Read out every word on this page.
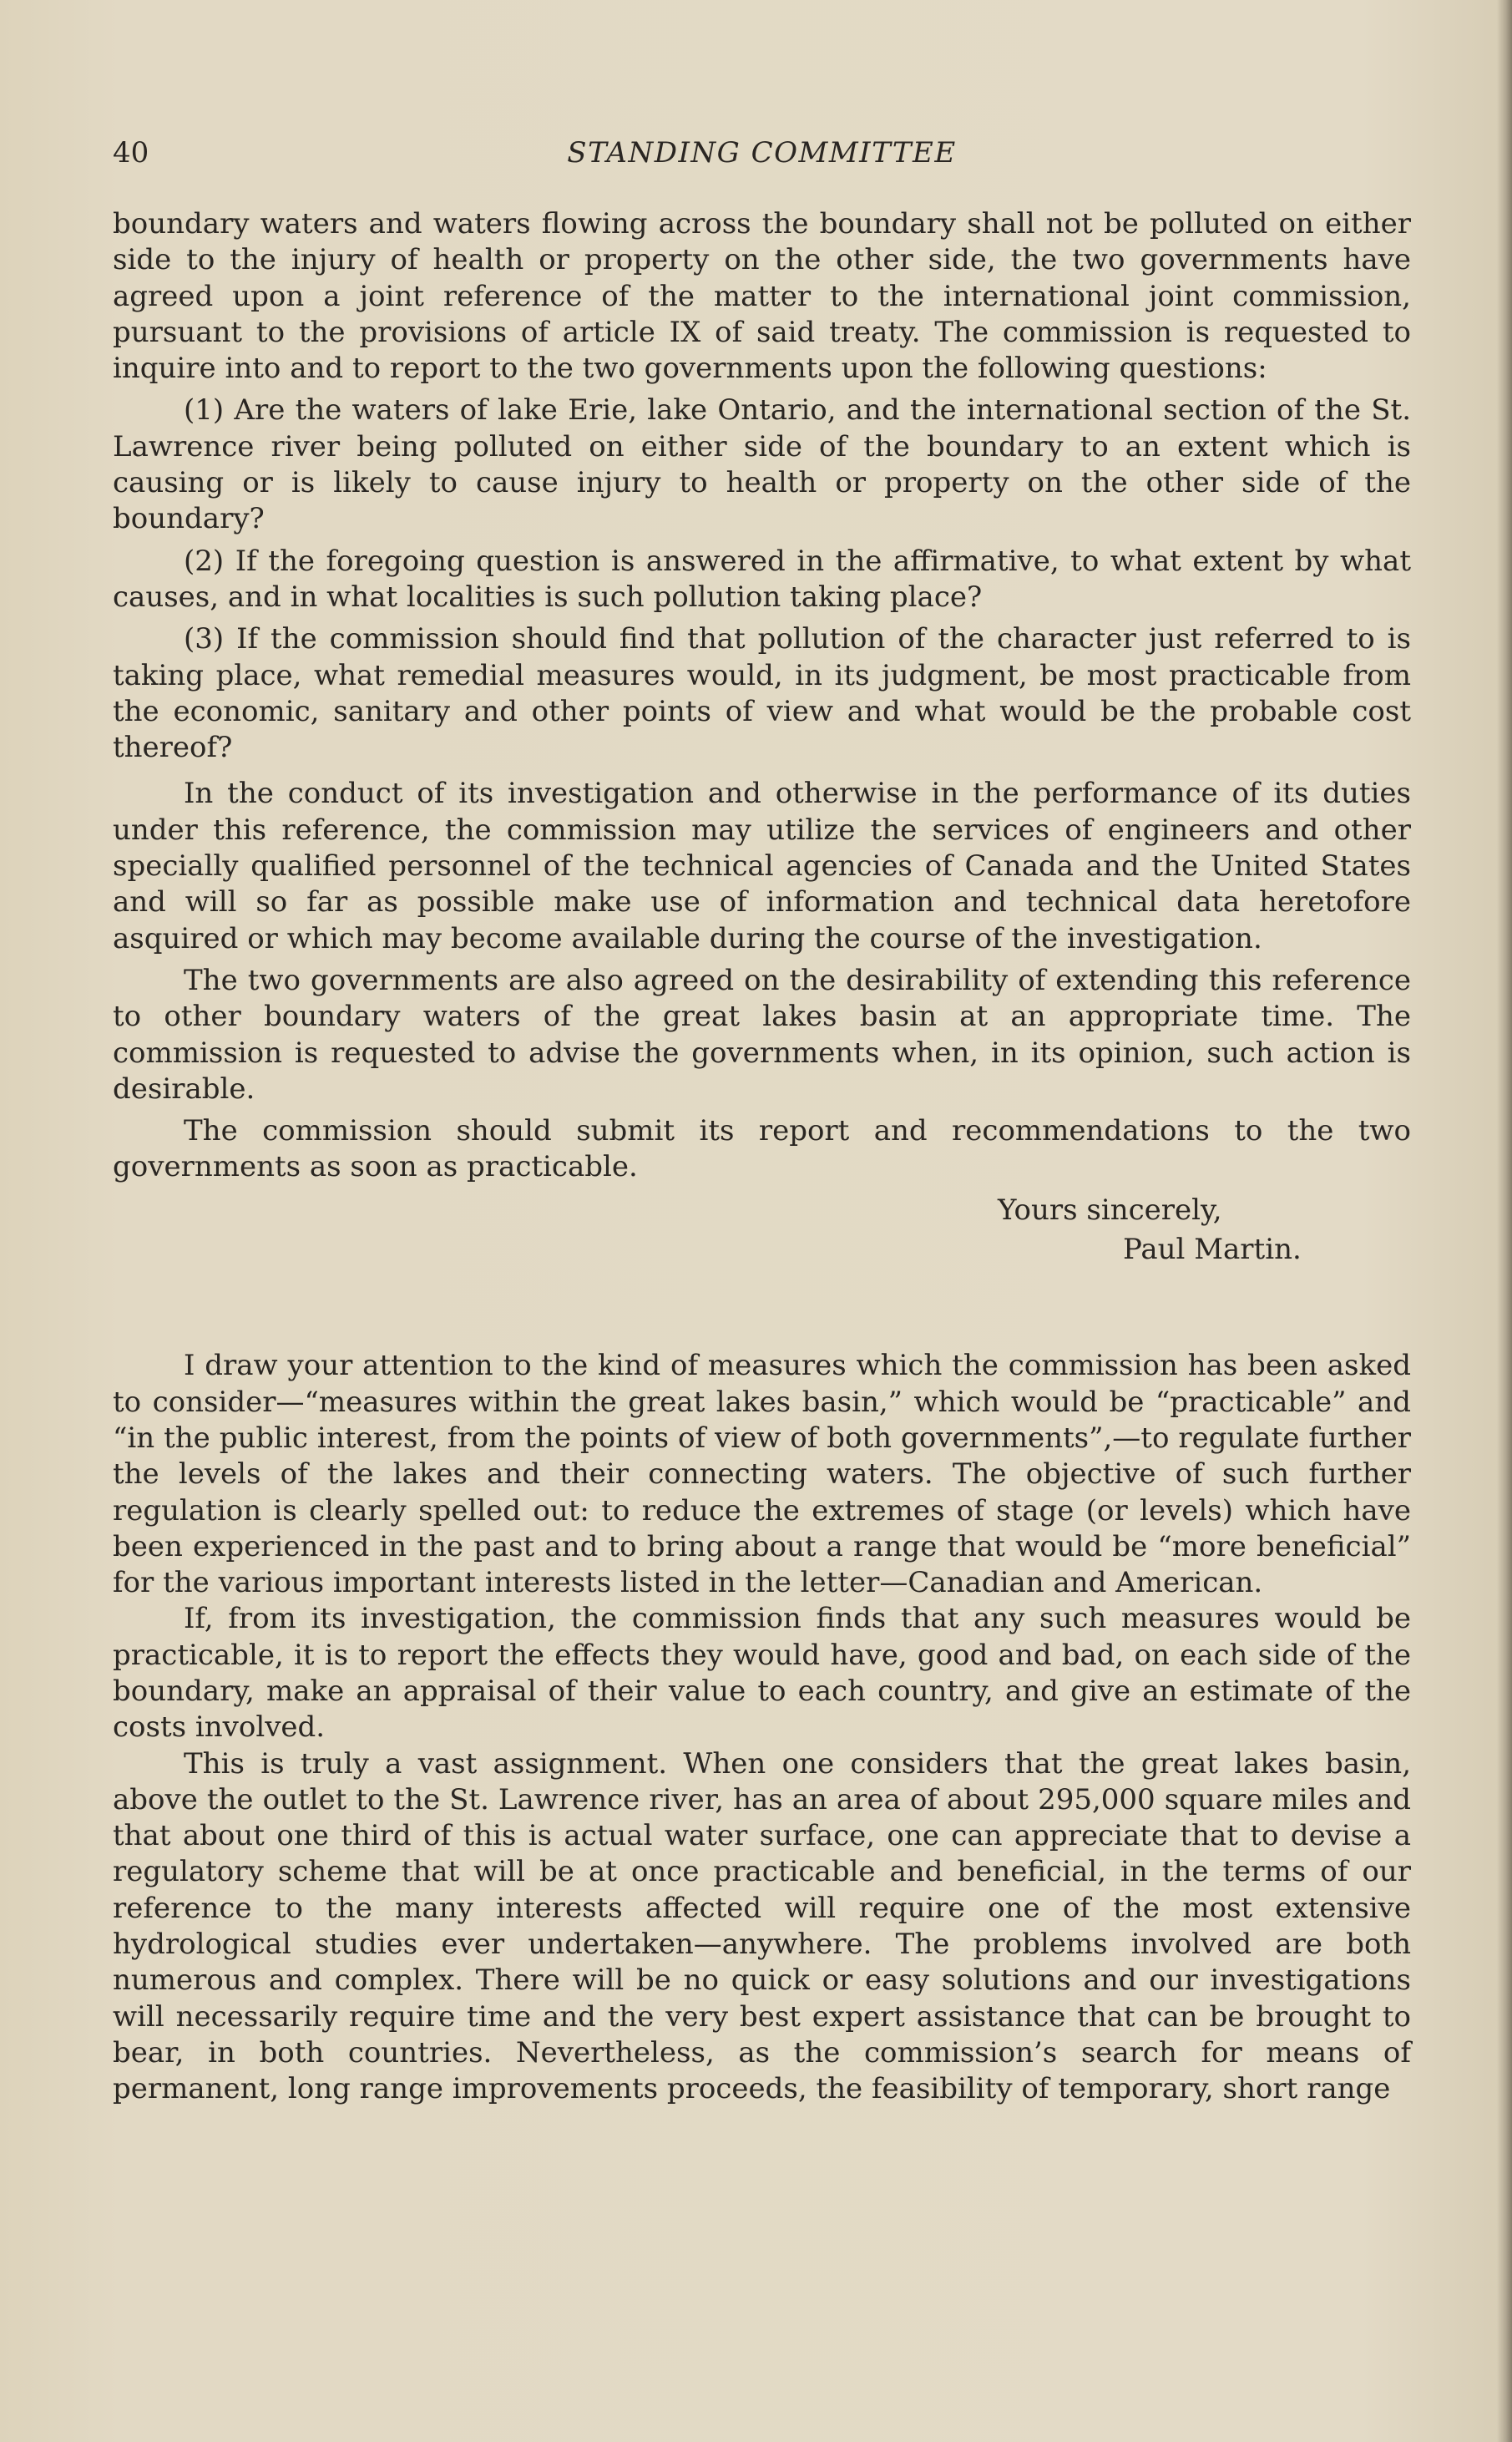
40	STANDING COMMITTEE

boundary waters and waters flowing across the boundary shall not be polluted on either side to the injury of health or property on the other side, the two governments have agreed upon a joint reference of the matter to the international joint commission, pursuant to the provisions of article IX of said treaty. The commission is requested to inquire into and to report to the two governments upon the following questions:

(1) Are the waters of lake Erie, lake Ontario, and the international section of the St. Lawrence river being polluted on either side of the boundary to an extent which is causing or is likely to cause injury to health or property on the other side of the boundary?

(2) If the foregoing question is answered in the affirmative, to what extent by what causes, and in what localities is such pollution taking place?

(3) If the commission should find that pollution of the character just referred to is taking place, what remedial measures would, in its judgment, be most practicable from the economic, sanitary and other points of view and what would be the probable cost thereof?

In the conduct of its investigation and otherwise in the performance of its duties under this reference, the commission may utilize the services of engineers and other specially qualified personnel of the technical agencies of Canada and the United States and will so far as possible make use of information and technical data heretofore asquired or which may become available during the course of the investigation.

The two governments are also agreed on the desirability of extending this reference to other boundary waters of the great lakes basin at an appropriate time. The commission is requested to advise the governments when, in its opinion, such action is desirable.

The commission should submit its report and recommendations to the two governments as soon as practicable.

Yours sincerely,

Paul Martin.

I draw your attention to the kind of measures which the commission has been asked to consider—“measures within the great lakes basin,” which would be “practicable” and “in the public interest, from the points of view of both governments”,—to regulate further the levels of the lakes and their connecting waters. The objective of such further regulation is clearly spelled out: to reduce the extremes of stage (or levels) which have been experienced in the past and to bring about a range that would be “more beneficial” for the various important interests listed in the letter—Canadian and American.

If, from its investigation, the commission finds that any such measures would be practicable, it is to report the effects they would have, good and bad, on each side of the boundary, make an appraisal of their value to each country, and give an estimate of the costs involved.

This is truly a vast assignment. When one considers that the great lakes basin, above the outlet to the St. Lawrence river, has an area of about 295,000 square miles and that about one third of this is actual water surface, one can appreciate that to devise a regulatory scheme that will be at once practicable and beneficial, in the terms of our reference to the many interests affected will require one of the most extensive hydrological studies ever undertaken—anywhere. The problems involved are both numerous and complex. There will be no quick or easy solutions and our investigations will necessarily require time and the very best expert assistance that can be brought to bear, in both countries. Nevertheless, as the commission’s search for means of permanent, long range improvements proceeds, the feasibility of temporary, short range
